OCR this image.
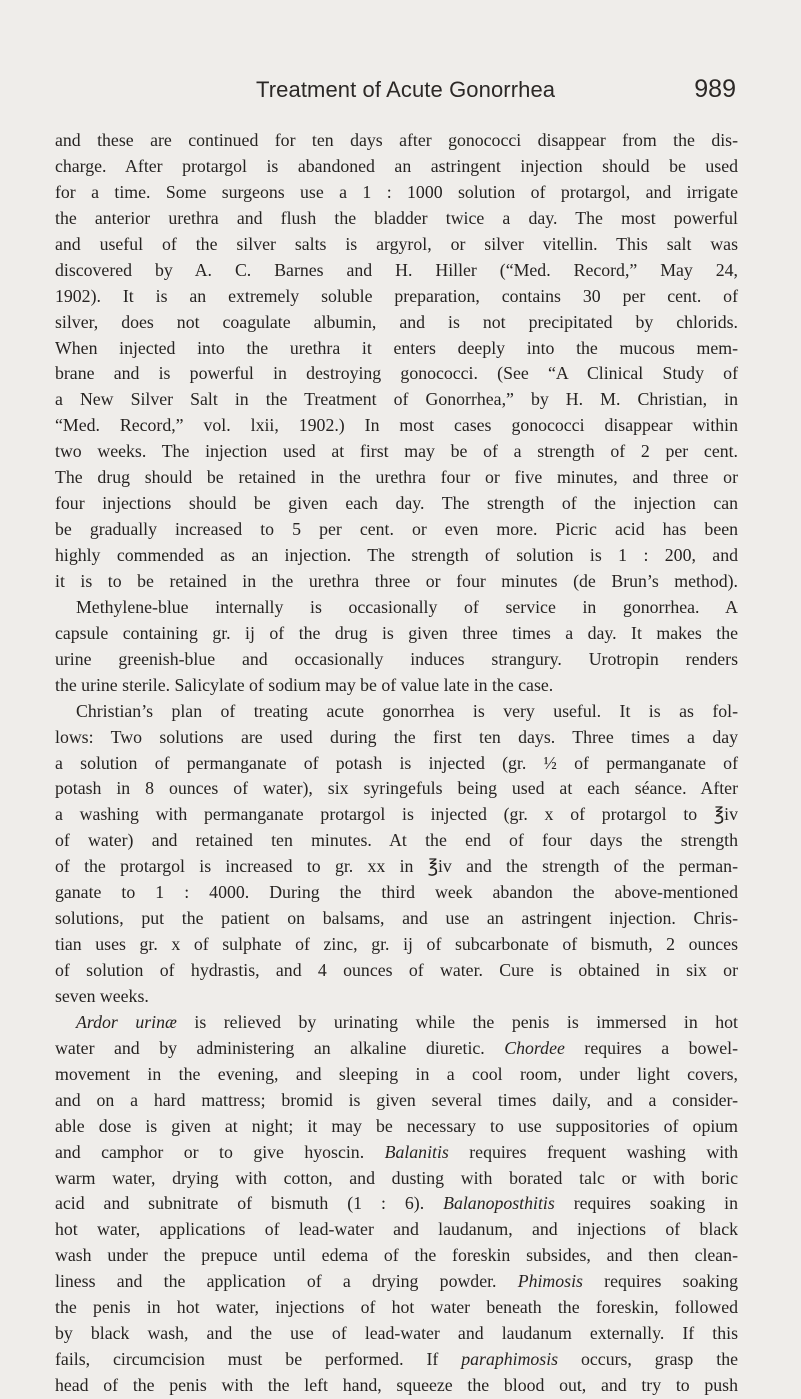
Treatment of Acute Gonorrhea	989
and these are continued for ten days after gonococci disappear from the dis-
charge. After protargol is abandoned an astringent injection should be used
for a time. Some surgeons use a 1 : 1000 solution of protargol, and irrigate
the anterior urethra and flush the bladder twice a day. The most powerful
and useful of the silver salts is argyrol, or silver vitellin. This salt was
discovered by A. C. Barnes and H. Hiller (“Med. Record,” May 24,
1902). It is an extremely soluble preparation, contains 30 per cent. of
silver, does not coagulate albumin, and is not precipitated by chlorids.
When injected into the urethra it enters deeply into the mucous mem-
brane and is powerful in destroying gonococci. (See “A Clinical Study of
a New Silver Salt in the Treatment of Gonorrhea,” by H. M. Christian, in
“Med. Record,” vol. lxii, 1902.) In most cases gonococci disappear within
two weeks. The injection used at first may be of a strength of 2 per cent.
The drug should be retained in the urethra four or five minutes, and three or
four injections should be given each day. The strength of the injection can
be gradually increased to 5 per cent. or even more. Picric acid has been
highly commended as an injection. The strength of solution is 1 : 200, and
it is to be retained in the urethra three or four minutes (de Brun’s method).
Methylene-blue internally is occasionally of service in gonorrhea. A
capsule containing gr. ij of the drug is given three times a day. It makes the
urine greenish-blue and occasionally induces strangury. Urotropin renders
the urine sterile. Salicylate of sodium may be of value late in the case.
Christian’s plan of treating acute gonorrhea is very useful. It is as fol-
lows: Two solutions are used during the first ten days. Three times a day
a solution of permanganate of potash is injected (gr. ½ of permanganate of
potash in 8 ounces of water), six syringefuls being used at each séance. After
a washing with permanganate protargol is injected (gr. x of protargol to ℥iv
of water) and retained ten minutes. At the end of four days the strength
of the protargol is increased to gr. xx in ℥iv and the strength of the perman-
ganate to 1 : 4000. During the third week abandon the above-mentioned
solutions, put the patient on balsams, and use an astringent injection. Chris-
tian uses gr. x of sulphate of zinc, gr. ij of subcarbonate of bismuth, 2 ounces
of solution of hydrastis, and 4 ounces of water. Cure is obtained in six or
seven weeks.
Ardor urinæ is relieved by urinating while the penis is immersed in hot
water and by administering an alkaline diuretic. Chordee requires a bowel-
movement in the evening, and sleeping in a cool room, under light covers,
and on a hard mattress; bromid is given several times daily, and a consider-
able dose is given at night; it may be necessary to use suppositories of opium
and camphor or to give hyoscin. Balanitis requires frequent washing with
warm water, drying with cotton, and dusting with borated talc or with boric
acid and subnitrate of bismuth (1 : 6). Balanoposthitis requires soaking in
hot water, applications of lead-water and laudanum, and injections of black
wash under the prepuce until edema of the foreskin subsides, and then clean-
liness and the application of a drying powder. Phimosis requires soaking
the penis in hot water, injections of hot water beneath the foreskin, followed
by black wash, and the use of lead-water and laudanum externally. If this
fails, circumcision must be performed. If paraphimosis occurs, grasp the
head of the penis with the left hand, squeeze the blood out, and try to push
